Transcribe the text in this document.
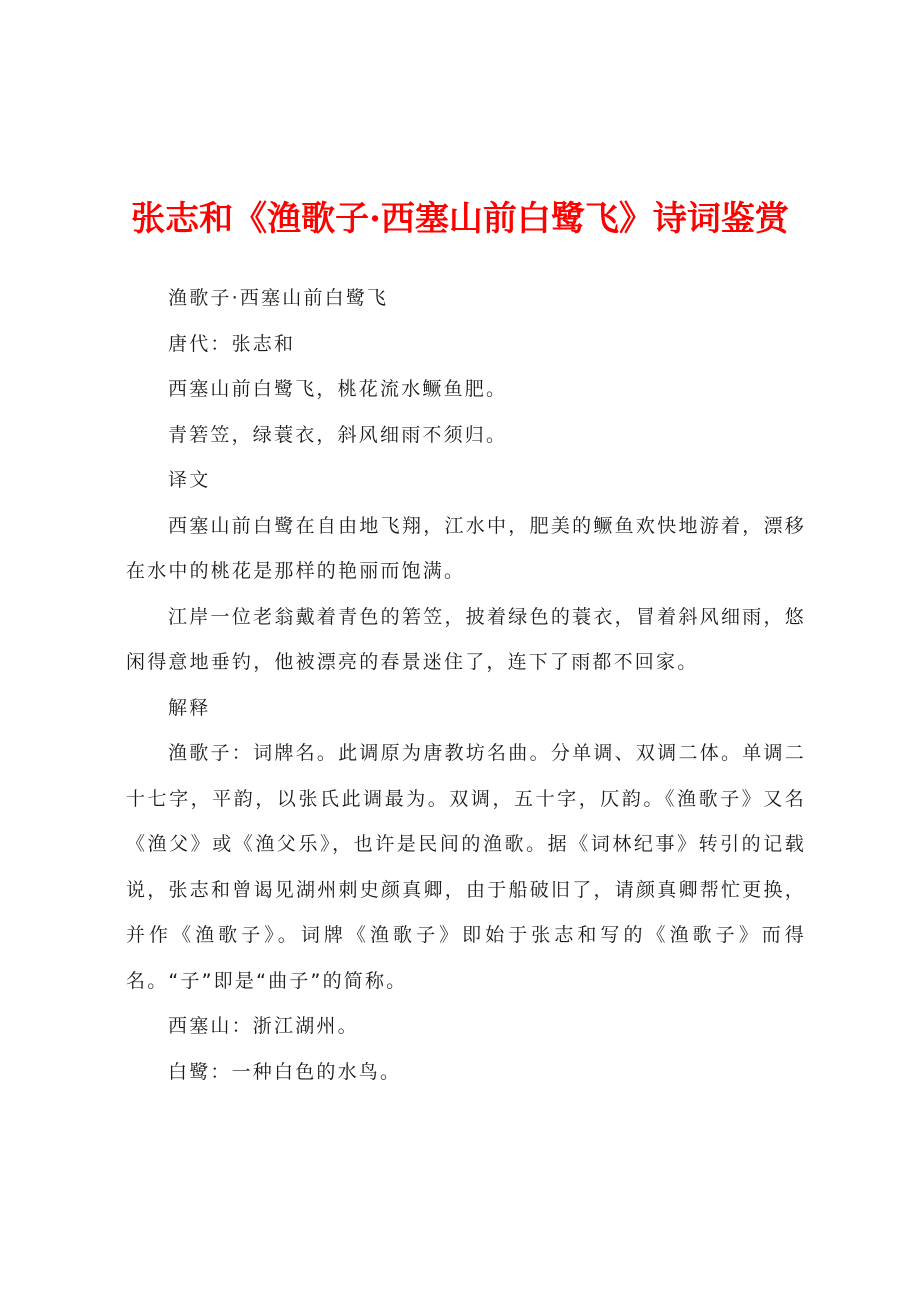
张志和《渔歌子·西塞山前白鹭飞》诗词鉴赏

渔歌子·西塞山前白鹭飞

唐代：张志和

西塞山前白鹭飞，桃花流水鳜鱼肥。

青箬笠，绿蓑衣，斜风细雨不须归。

译文

西塞山前白鹭在自由地飞翔，江水中，肥美的鳜鱼欢快地游着，漂移在水中的桃花是那样的艳丽而饱满。

江岸一位老翁戴着青色的箬笠，披着绿色的蓑衣，冒着斜风细雨，悠闲得意地垂钓，他被漂亮的春景迷住了，连下了雨都不回家。

解释

渔歌子：词牌名。此调原为唐教坊名曲。分单调、双调二体。单调二十七字，平韵，以张氏此调最为。双调，五十字，仄韵。《渔歌子》又名《渔父》或《渔父乐》，也许是民间的渔歌。据《词林纪事》转引的记载说，张志和曾谒见湖州刺史颜真卿，由于船破旧了，请颜真卿帮忙更换，并作《渔歌子》。词牌《渔歌子》即始于张志和写的《渔歌子》而得名。“子”即是“曲子”的简称。

西塞山：浙江湖州。

白鹭：一种白色的水鸟。
